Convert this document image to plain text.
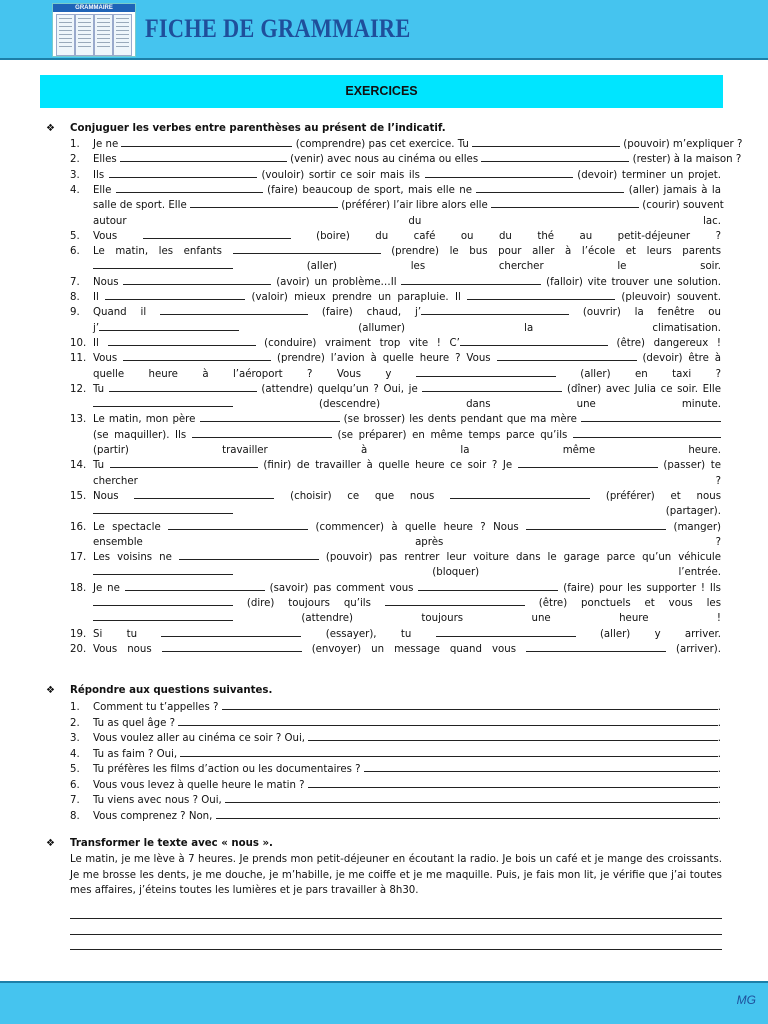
GRAMMAIRE
FICHE DE GRAMMAIRE
EXERCICES
❖ Conjuguer les verbes entre parenthèses au présent de l’indicatif.
1. Je ne	(comprendre) pas cet exercice. Tu	(pouvoir) m’expliquer ?
2. Elles	(venir) avec nous au cinéma ou elles	(rester) à la maison ?
3. Ils	(vouloir) sortir ce soir mais ils	(devoir) terminer un projet.
4. Elle	(faire) beaucoup de sport, mais elle ne	(aller) jamais à la
salle de sport. Elle	(préférer) l’air libre alors elle	(courir) souvent
autour du lac.
5. Vous	(boire) du café ou du thé au petit-déjeuner ?
6. Le matin, les enfants	(prendre) le bus pour aller à l’école et leurs parents
(aller) les chercher le soir.
7. Nous	(avoir) un problème…Il	(falloir) vite trouver une solution.
8. Il	(valoir) mieux prendre un parapluie. Il	(pleuvoir) souvent.
9. Quand il	(faire) chaud, j’	(ouvrir) la fenêtre ou
j’	(allumer) la climatisation.
10. Il	(conduire) vraiment trop vite ! C’	(être) dangereux !
11. Vous	(prendre) l’avion à quelle heure ? Vous	(devoir) être à
quelle heure à l’aéroport ? Vous y	(aller) en taxi ?
12. Tu	(attendre) quelqu’un ? Oui, je	(dîner) avec Julia ce soir. Elle
(descendre) dans une minute.
13. Le matin, mon père	(se brosser) les dents pendant que ma mère
(se maquiller). Ils	(se préparer) en même temps parce qu’ils
(partir) travailler à la même heure.
14. Tu	(finir) de travailler à quelle heure ce soir ? Je	(passer) te
chercher ?
15. Nous	(choisir) ce que nous	(préférer) et nous
(partager).
16. Le spectacle	(commencer) à quelle heure ? Nous	(manger)
ensemble après ?
17. Les voisins ne	(pouvoir) pas rentrer leur voiture dans le garage parce qu’un véhicule
(bloquer) l’entrée.
18. Je ne	(savoir) pas comment vous	(faire) pour les supporter ! Ils
(dire) toujours qu’ils	(être) ponctuels et vous les
(attendre) toujours une heure !
19. Si tu	(essayer), tu	(aller) y arriver.
20. Vous nous	(envoyer) un message quand vous	(arriver).
❖ Répondre aux questions suivantes.
1. Comment tu t’appelles ?	.
2. Tu as quel âge ?	.
3. Vous voulez aller au cinéma ce soir ? Oui,	.
4. Tu as faim ? Oui,	.
5. Tu préfères les films d’action ou les documentaires ?	.
6. Vous vous levez à quelle heure le matin ?	.
7. Tu viens avec nous ? Oui,	.
8. Vous comprenez ? Non,	.
❖ Transformer le texte avec « nous ».
Le matin, je me lève à 7 heures. Je prends mon petit-déjeuner en écoutant la radio. Je bois un café et je mange des croissants. Je me brosse les dents, je me douche, je m’habille, je me coiffe et je me maquille. Puis, je fais mon lit, je vérifie que j’ai toutes mes affaires, j’éteins toutes les lumières et je pars travailler à 8h30.
MG
